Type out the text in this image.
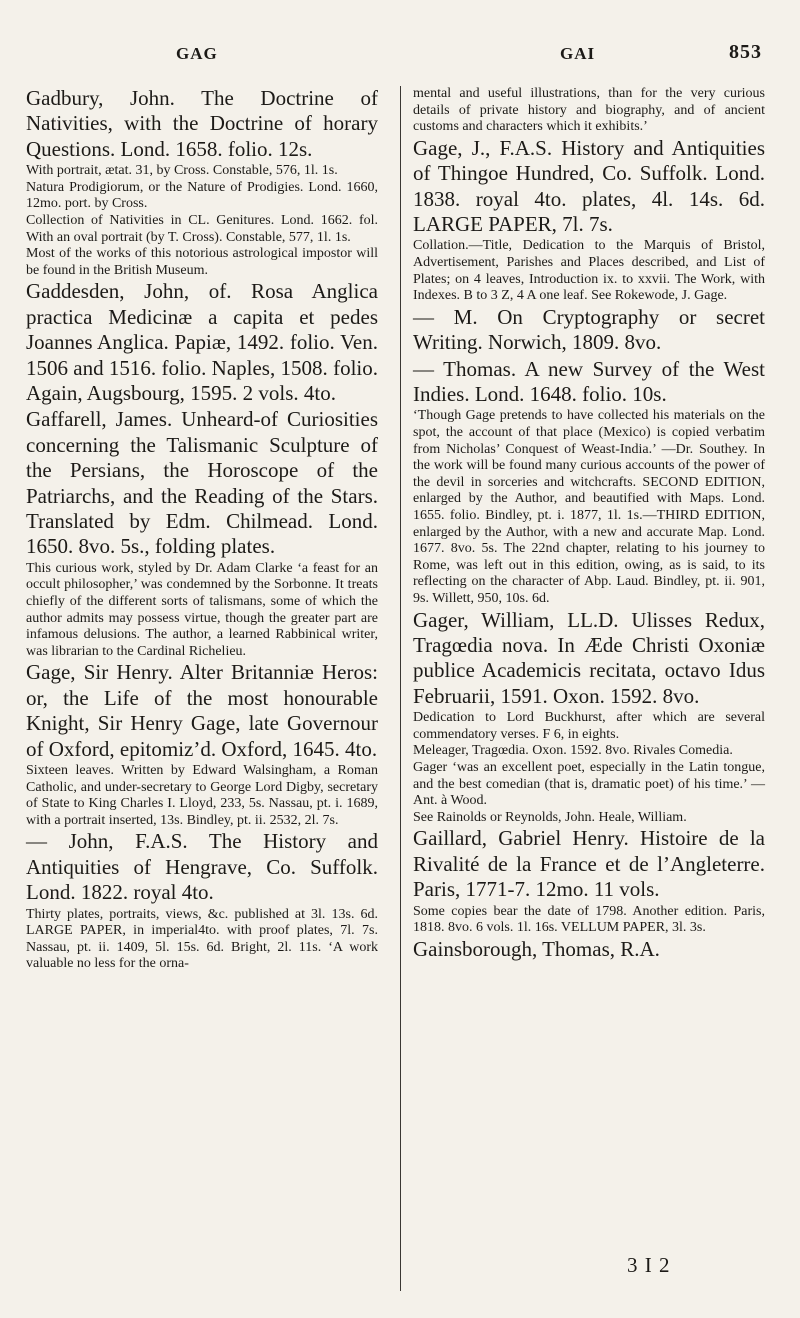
GAG	GAI	853

Gadbury, John. The Doctrine of Nativities, with the Doctrine of horary Questions. Lond. 1658. folio. 12s.

With portrait, ætat. 31, by Cross. Constable, 576, 1l. 1s.

Natura Prodigiorum, or the Nature of Prodigies. Lond. 1660, 12mo. port. by Cross.

Collection of Nativities in CL. Genitures. Lond. 1662. fol. With an oval portrait (by T. Cross). Constable, 577, 1l. 1s.

Most of the works of this notorious astrological impostor will be found in the British Museum.

Gaddesden, John, of. Rosa Anglica practica Medicinæ a capita et pedes Joannes Anglica. Papiæ, 1492. folio. Ven. 1506 and 1516. folio. Naples, 1508. folio. Again, Augsbourg, 1595. 2 vols. 4to.

Gaffarell, James. Unheard-of Curiosities concerning the Talismanic Sculpture of the Persians, the Horoscope of the Patriarchs, and the Reading of the Stars. Translated by Edm. Chilmead. Lond. 1650. 8vo. 5s., folding plates.

This curious work, styled by Dr. Adam Clarke ‘a feast for an occult philosopher,’ was condemned by the Sorbonne. It treats chiefly of the different sorts of talismans, some of which the author admits may possess virtue, though the greater part are infamous delusions. The author, a learned Rabbinical writer, was librarian to the Cardinal Richelieu.

Gage, Sir Henry. Alter Britanniæ Heros: or, the Life of the most honourable Knight, Sir Henry Gage, late Governour of Oxford, epitomiz’d. Oxford, 1645. 4to.

Sixteen leaves. Written by Edward Walsingham, a Roman Catholic, and under-secretary to George Lord Digby, secretary of State to King Charles I. Lloyd, 233, 5s. Nassau, pt. i. 1689, with a portrait inserted, 13s. Bindley, pt. ii. 2532, 2l. 7s.

— John, F.A.S. The History and Antiquities of Hengrave, Co. Suffolk. Lond. 1822. royal 4to.

Thirty plates, portraits, views, &c. published at 3l. 13s. 6d. LARGE PAPER, in imperial4to. with proof plates, 7l. 7s. Nassau, pt. ii. 1409, 5l. 15s. 6d. Bright, 2l. 11s. ‘A work valuable no less for the orna-

mental and useful illustrations, than for the very curious details of private history and biography, and of ancient customs and characters which it exhibits.’

Gage, J., F.A.S. History and Antiquities of Thingoe Hundred, Co. Suffolk. Lond. 1838. royal 4to. plates, 4l. 14s. 6d. LARGE PAPER, 7l. 7s.

Collation.—Title, Dedication to the Marquis of Bristol, Advertisement, Parishes and Places described, and List of Plates; on 4 leaves, Introduction ix. to xxvii. The Work, with Indexes. B to 3 Z, 4 A one leaf. See Rokewode, J. Gage.

— M. On Cryptography or secret Writing. Norwich, 1809. 8vo.

— Thomas. A new Survey of the West Indies. Lond. 1648. folio. 10s.

‘Though Gage pretends to have collected his materials on the spot, the account of that place (Mexico) is copied verbatim from Nicholas’ Conquest of Weast-India.’ —Dr. Southey. In the work will be found many curious accounts of the power of the devil in sorceries and witchcrafts. SECOND EDITION, enlarged by the Author, and beautified with Maps. Lond. 1655. folio. Bindley, pt. i. 1877, 1l. 1s.—THIRD EDITION, enlarged by the Author, with a new and accurate Map. Lond. 1677. 8vo. 5s. The 22nd chapter, relating to his journey to Rome, was left out in this edition, owing, as is said, to its reflecting on the character of Abp. Laud. Bindley, pt. ii. 901, 9s. Willett, 950, 10s. 6d.

Gager, William, LL.D. Ulisses Redux, Tragœdia nova. In Æde Christi Oxoniæ publice Academicis recitata, octavo Idus Februarii, 1591. Oxon. 1592. 8vo.

Dedication to Lord Buckhurst, after which are several commendatory verses. F 6, in eights.

Meleager, Tragœdia. Oxon. 1592. 8vo. Rivales Comedia.

Gager ‘was an excellent poet, especially in the Latin tongue, and the best comedian (that is, dramatic poet) of his time.’ —Ant. à Wood.

See Rainolds or Reynolds, John. Heale, William.

Gaillard, Gabriel Henry. Histoire de la Rivalité de la France et de l’Angleterre. Paris, 1771-7. 12mo. 11 vols.

Some copies bear the date of 1798. Another edition. Paris, 1818. 8vo. 6 vols. 1l. 16s. VELLUM PAPER, 3l. 3s.

Gainsborough, Thomas, R.A.

3 I 2
